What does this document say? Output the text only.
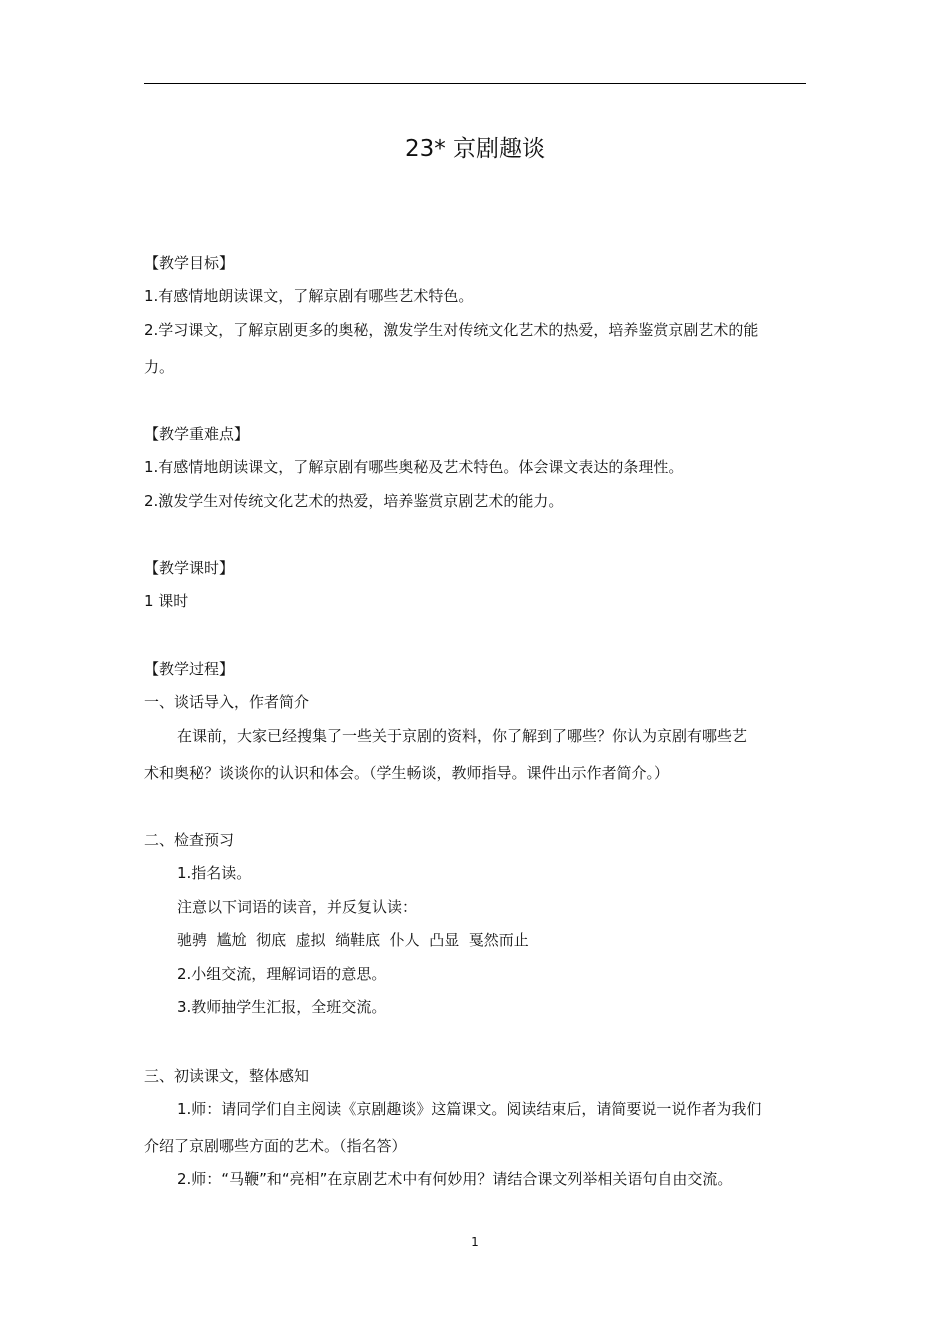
23* 京剧趣谈

【教学目标】

1.有感情地朗读课文，了解京剧有哪些艺术特色。

2.学习课文，了解京剧更多的奥秘，激发学生对传统文化艺术的热爱，培养鉴赏京剧艺术的能

力。

【教学重难点】

1.有感情地朗读课文，了解京剧有哪些奥秘及艺术特色。体会课文表达的条理性。

2.激发学生对传统文化艺术的热爱，培养鉴赏京剧艺术的能力。

【教学课时】

1 课时

【教学过程】

一、谈话导入，作者简介

在课前，大家已经搜集了一些关于京剧的资料，你了解到了哪些？你认为京剧有哪些艺

术和奥秘？谈谈你的认识和体会。（学生畅谈，教师指导。课件出示作者简介。）

二、检查预习

1.指名读。

注意以下词语的读音，并反复认读：

驰骋  尴尬  彻底  虚拟  绱鞋底  仆人  凸显  戛然而止

2.小组交流，理解词语的意思。

3.教师抽学生汇报，全班交流。

三、初读课文，整体感知

1.师：请同学们自主阅读《京剧趣谈》这篇课文。阅读结束后，请简要说一说作者为我们

介绍了京剧哪些方面的艺术。（指名答）

2.师：“马鞭”和“亮相”在京剧艺术中有何妙用？请结合课文列举相关语句自由交流。

1
